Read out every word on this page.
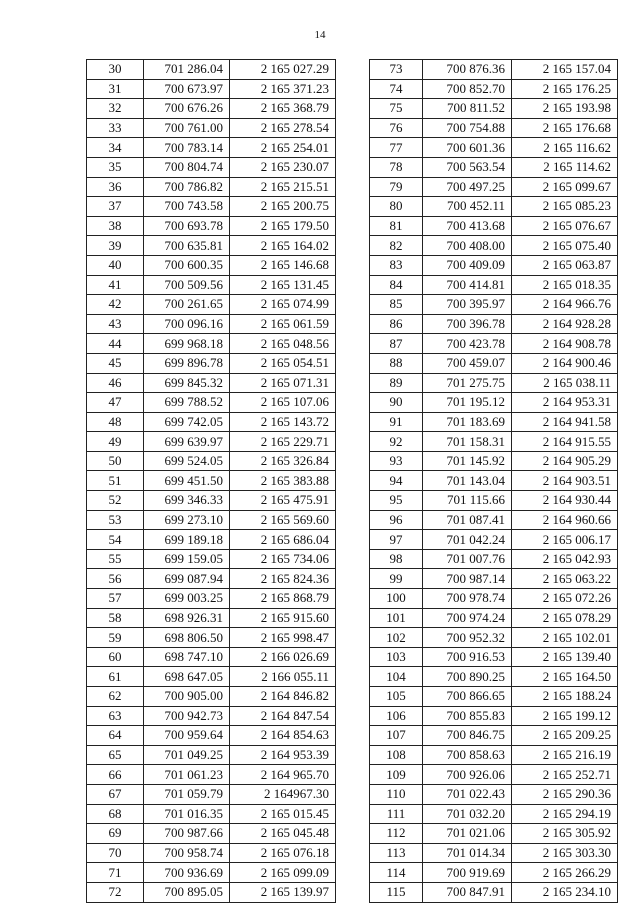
14
30	701 286.04	2 165 027.29
31	700 673.97	2 165 371.23
32	700 676.26	2 165 368.79
33	700 761.00	2 165 278.54
34	700 783.14	2 165 254.01
35	700 804.74	2 165 230.07
36	700 786.82	2 165 215.51
37	700 743.58	2 165 200.75
38	700 693.78	2 165 179.50
39	700 635.81	2 165 164.02
40	700 600.35	2 165 146.68
41	700 509.56	2 165 131.45
42	700 261.65	2 165 074.99
43	700 096.16	2 165 061.59
44	699 968.18	2 165 048.56
45	699 896.78	2 165 054.51
46	699 845.32	2 165 071.31
47	699 788.52	2 165 107.06
48	699 742.05	2 165 143.72
49	699 639.97	2 165 229.71
50	699 524.05	2 165 326.84
51	699 451.50	2 165 383.88
52	699 346.33	2 165 475.91
53	699 273.10	2 165 569.60
54	699 189.18	2 165 686.04
55	699 159.05	2 165 734.06
56	699 087.94	2 165 824.36
57	699 003.25	2 165 868.79
58	698 926.31	2 165 915.60
59	698 806.50	2 165 998.47
60	698 747.10	2 166 026.69
61	698 647.05	2 166 055.11
62	700 905.00	2 164 846.82
63	700 942.73	2 164 847.54
64	700 959.64	2 164 854.63
65	701 049.25	2 164 953.39
66	701 061.23	2 164 965.70
67	701 059.79	2 164967.30
68	701 016.35	2 165 015.45
69	700 987.66	2 165 045.48
70	700 958.74	2 165 076.18
71	700 936.69	2 165 099.09
72	700 895.05	2 165 139.97
73	700 876.36	2 165 157.04
74	700 852.70	2 165 176.25
75	700 811.52	2 165 193.98
76	700 754.88	2 165 176.68
77	700 601.36	2 165 116.62
78	700 563.54	2 165 114.62
79	700 497.25	2 165 099.67
80	700 452.11	2 165 085.23
81	700 413.68	2 165 076.67
82	700 408.00	2 165 075.40
83	700 409.09	2 165 063.87
84	700 414.81	2 165 018.35
85	700 395.97	2 164 966.76
86	700 396.78	2 164 928.28
87	700 423.78	2 164 908.78
88	700 459.07	2 164 900.46
89	701 275.75	2 165 038.11
90	701 195.12	2 164 953.31
91	701 183.69	2 164 941.58
92	701 158.31	2 164 915.55
93	701 145.92	2 164 905.29
94	701 143.04	2 164 903.51
95	701 115.66	2 164 930.44
96	701 087.41	2 164 960.66
97	701 042.24	2 165 006.17
98	701 007.76	2 165 042.93
99	700 987.14	2 165 063.22
100	700 978.74	2 165 072.26
101	700 974.24	2 165 078.29
102	700 952.32	2 165 102.01
103	700 916.53	2 165 139.40
104	700 890.25	2 165 164.50
105	700 866.65	2 165 188.24
106	700 855.83	2 165 199.12
107	700 846.75	2 165 209.25
108	700 858.63	2 165 216.19
109	700 926.06	2 165 252.71
110	701 022.43	2 165 290.36
111	701 032.20	2 165 294.19
112	701 021.06	2 165 305.92
113	701 014.34	2 165 303.30
114	700 919.69	2 165 266.29
115	700 847.91	2 165 234.10
